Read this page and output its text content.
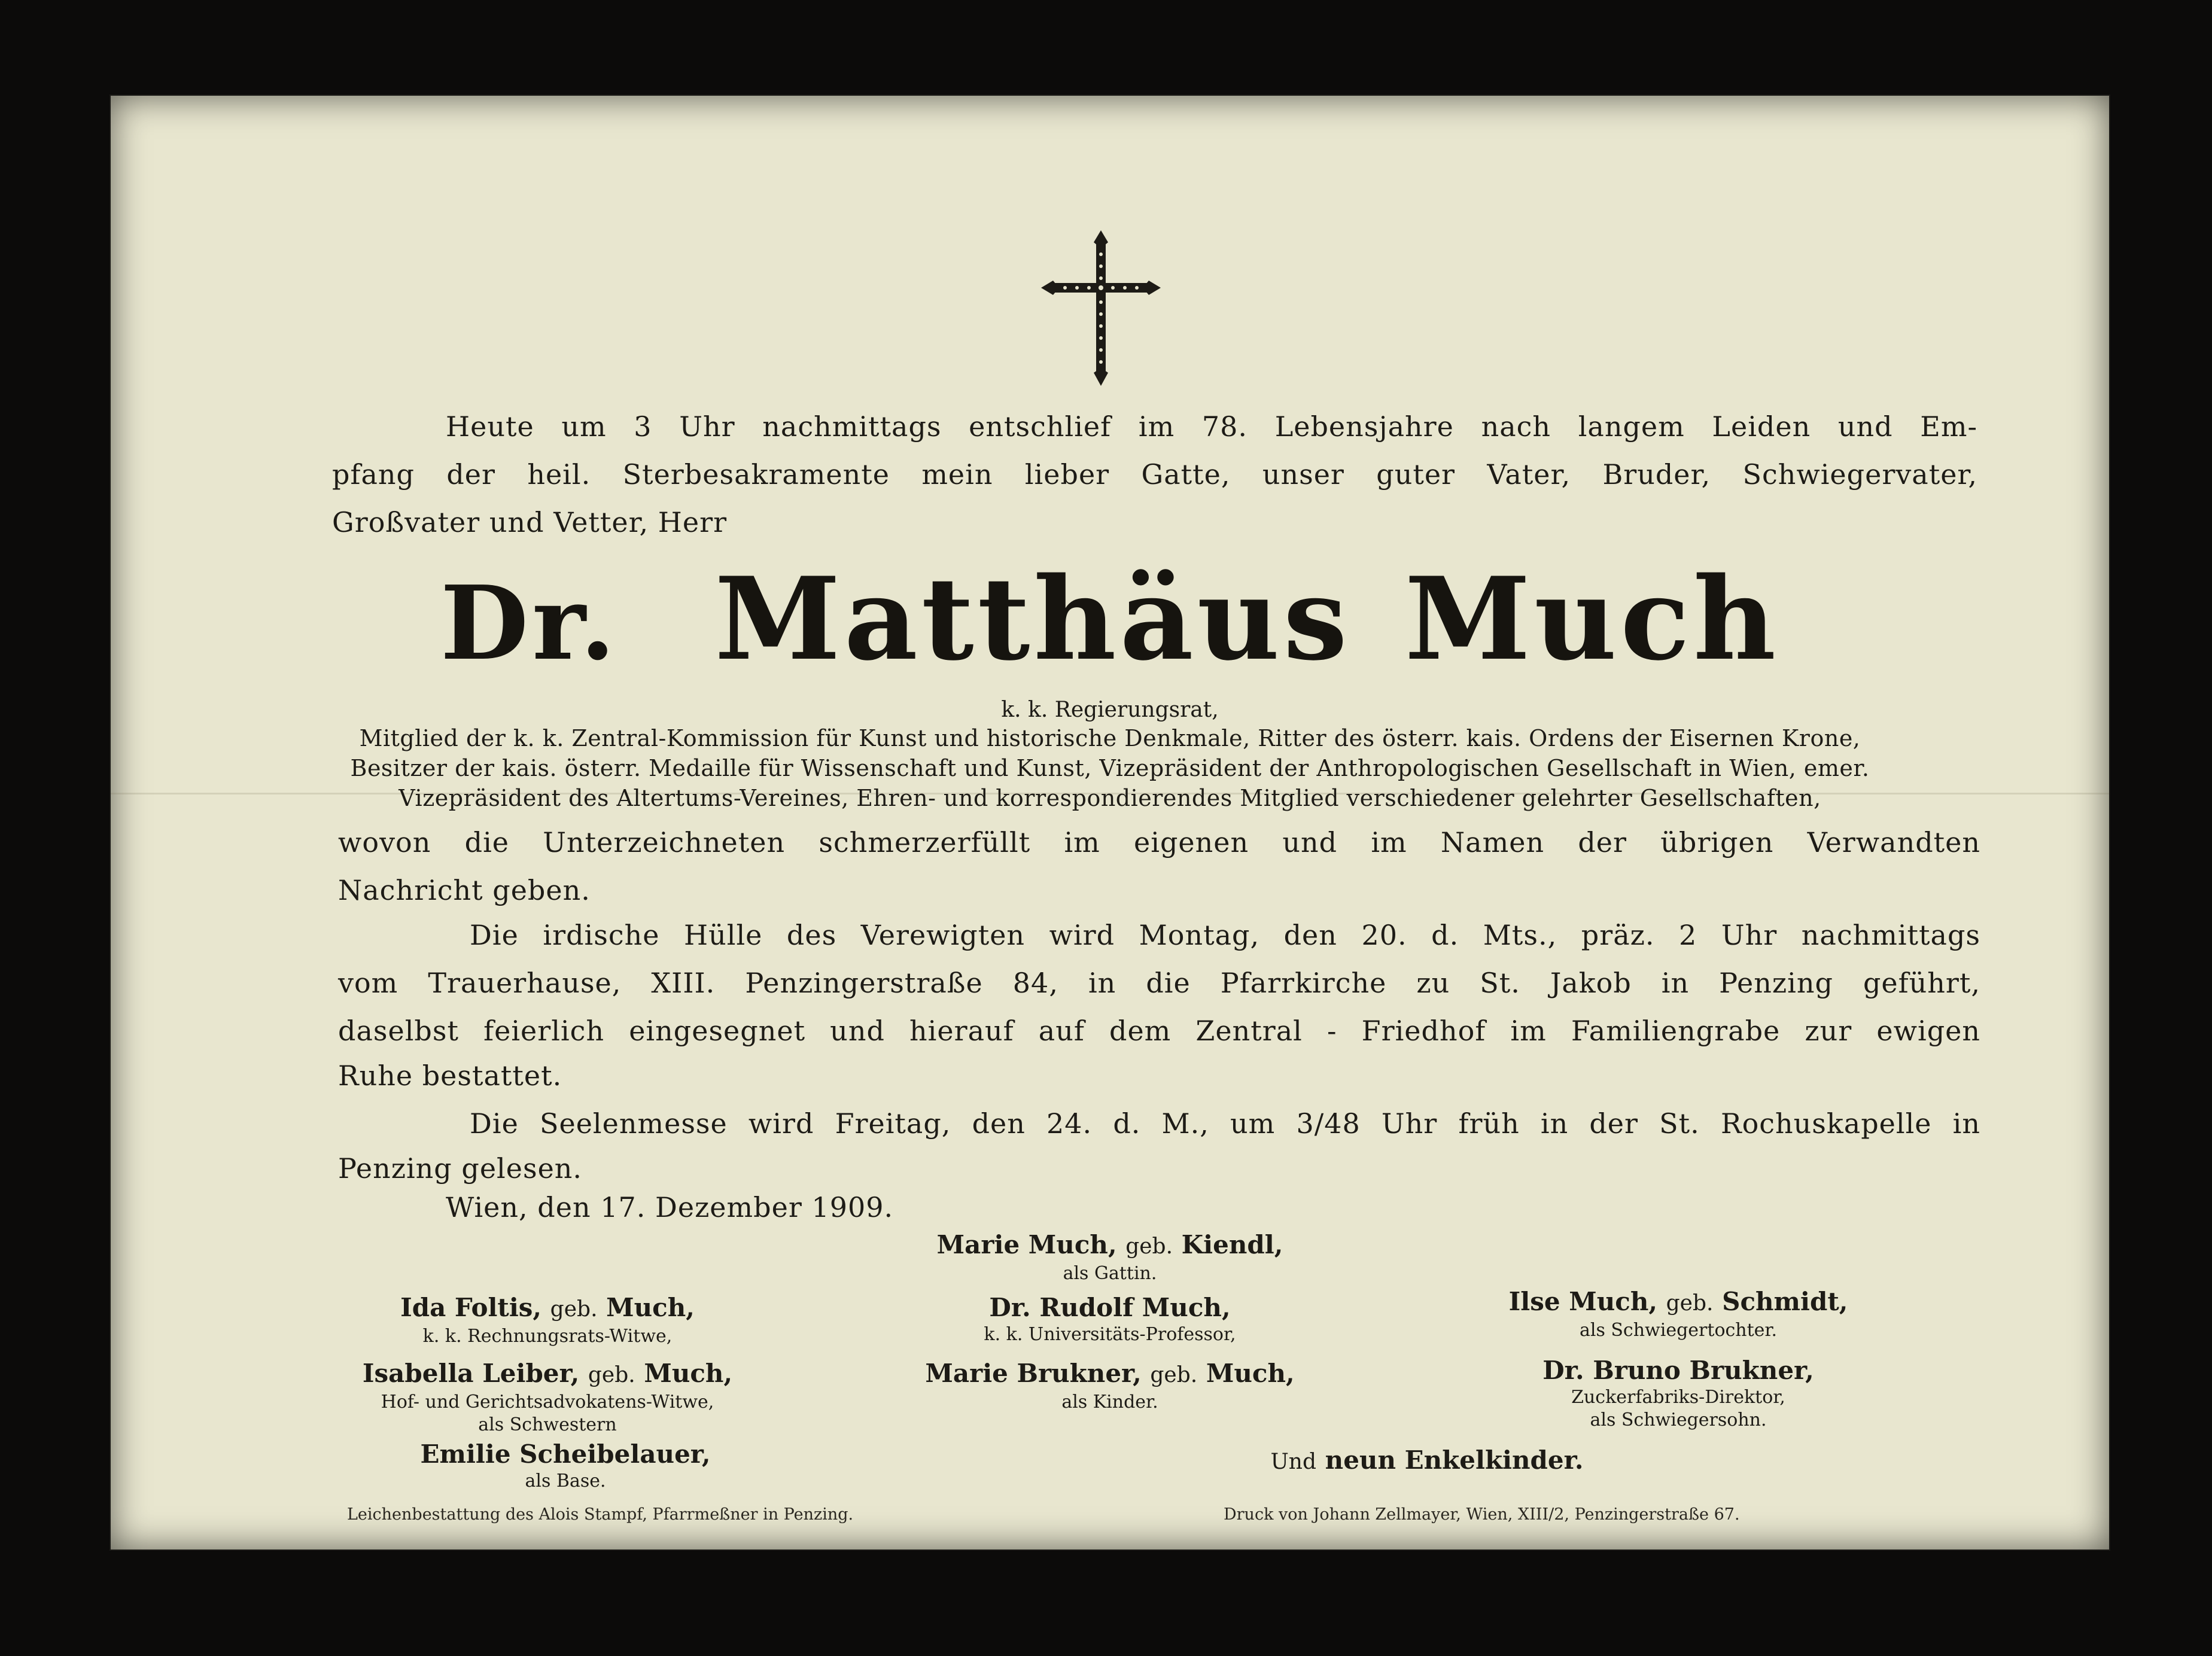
Heute um 3 Uhr nachmittags entschlief im 78. Lebensjahre nach langem Leiden und Em-

pfang der heil. Sterbesakramente mein lieber Gatte, unser guter Vater, Bruder, Schwiegervater,

Großvater und Vetter, Herr

Dr. Matthäus Much

k. k. Regierungsrat,

Mitglied der k. k. Zentral-Kommission für Kunst und historische Denkmale, Ritter des österr. kais. Ordens der Eisernen Krone,

Besitzer der kais. österr. Medaille für Wissenschaft und Kunst, Vizepräsident der Anthropologischen Gesellschaft in Wien, emer.

Vizepräsident des Altertums-Vereines, Ehren- und korrespondierendes Mitglied verschiedener gelehrter Gesellschaften,

wovon die Unterzeichneten schmerzerfüllt im eigenen und im Namen der übrigen Verwandten

Nachricht geben.

Die irdische Hülle des Verewigten wird Montag, den 20. d. Mts., präz. 2 Uhr nachmittags

vom Trauerhause, XIII. Penzingerstraße 84, in die Pfarrkirche zu St. Jakob in Penzing geführt,

daselbst feierlich eingesegnet und hierauf auf dem Zentral - Friedhof im Familiengrabe zur ewigen

Ruhe bestattet.

Die Seelenmesse wird Freitag, den 24. d. M., um 3/48 Uhr früh in der St. Rochuskapelle in

Penzing gelesen.

Wien, den 17. Dezember 1909.

Marie Much, geb. Kiendl,
als Gattin.
Ida Foltis, geb. Much,
k. k. Rechnungsrats-Witwe,
Dr. Rudolf Much,
k. k. Universitäts-Professor,
Ilse Much, geb. Schmidt,
als Schwiegertochter.
Isabella Leiber, geb. Much,
Hof- und Gerichtsadvokatens-Witwe,
als Schwestern
Marie Brukner, geb. Much,
als Kinder.
Dr. Bruno Brukner,
Zuckerfabriks-Direktor,
als Schwiegersohn.
Emilie Scheibelauer,
als Base.
Und neun Enkelkinder.
Leichenbestattung des Alois Stampf, Pfarrmeßner in Penzing.	Druck von Johann Zellmayer, Wien, XIII/2, Penzingerstraße 67.
